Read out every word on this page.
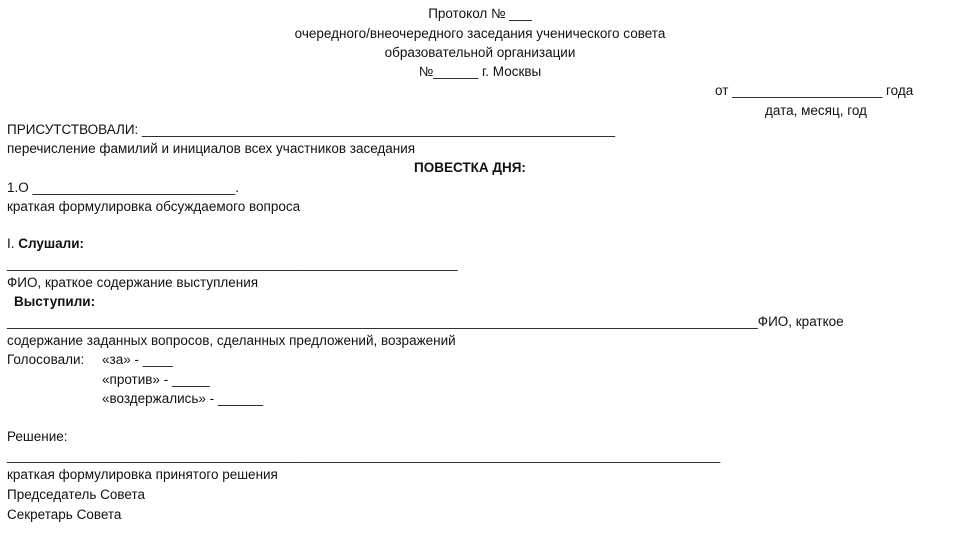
Протокол № ___
очередного/внеочередного заседания ученического совета
образовательной организации
№______ г. Москвы
от ____________________ года
дата, месяц, год
ПРИСУТСТВОВАЛИ: _______________________________________________________________
перечисление фамилий и инициалов всех участников заседания
ПОВЕСТКА ДНЯ:
1.О ___________________________.
краткая формулировка обсуждаемого вопроса
I. Слушали:
____________________________________________________________
ФИО, краткое содержание выступления
Выступили:
____________________________________________________________________________________________________ФИО, краткое
содержание заданных вопросов, сделанных предложений, возражений
Голосовали: «за» - ____
«против» - _____
«воздержались» - ______
Решение:
_______________________________________________________________________________________________
краткая формулировка принятого решения
Председатель Совета
Секретарь Совета
